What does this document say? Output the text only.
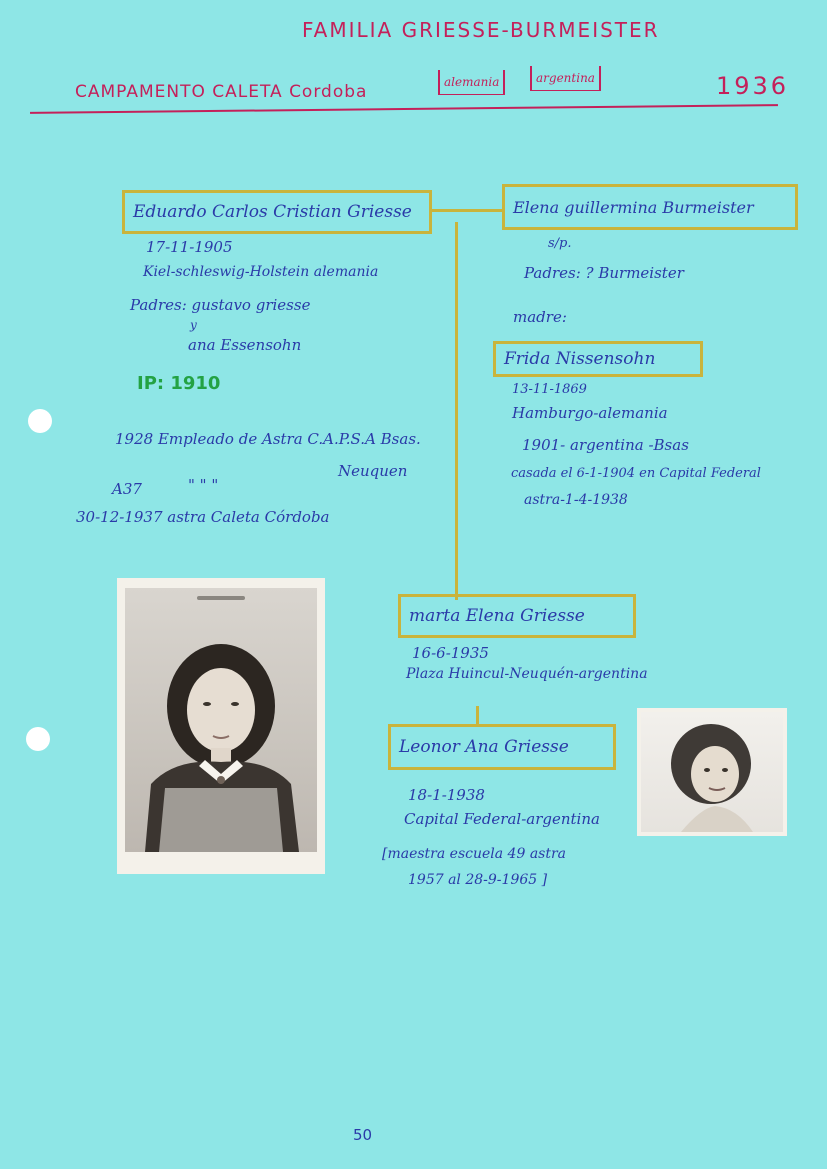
FAMILIA GRIESSE-BURMEISTER
CAMPAMENTO CALETA Cordoba	alemania	argentina	1936
Eduardo Carlos Cristian Griesse
17-11-1905
Kiel-schleswig-Holstein alemania
Padres: gustavo griesse
y
ana Essensohn
IP: 1910
1928 Empleado de Astra C.A.P.S.A Bsas.
A37	" " "
Neuquen
30-12-1937 astra Caleta Córdoba
Elena guillermina Burmeister
s/p.
Padres: ? Burmeister
madre:
Frida Nissensohn
13-11-1869
Hamburgo-alemania
1901- argentina -Bsas
casada el 6-1-1904 en Capital Federal
astra-1-4-1938
marta Elena Griesse
16-6-1935
Plaza Huincul-Neuquén-argentina
Leonor Ana Griesse
18-1-1938
Capital Federal-argentina
[maestra escuela 49 astra
1957 al 28-9-1965 ]
50
